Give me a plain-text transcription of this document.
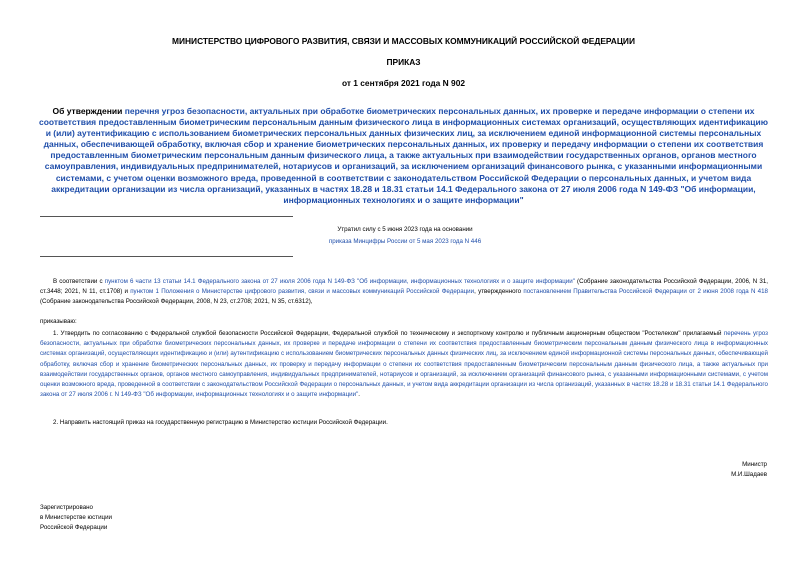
МИНИСТЕРСТВО ЦИФРОВОГО РАЗВИТИЯ, СВЯЗИ И МАССОВЫХ КОММУНИКАЦИЙ РОССИЙСКОЙ ФЕДЕРАЦИИ
ПРИКАЗ
от 1 сентября 2021 года N 902
Об утверждении перечня угроз безопасности, актуальных при обработке биометрических персональных данных, их проверке и передаче информации о степени их соответствия предоставленным биометрическим персональным данным физического лица в информационных системах организаций, осуществляющих идентификацию и (или) аутентификацию с использованием биометрических персональных данных физических лиц, за исключением единой информационной системы персональных данных, обеспечивающей обработку, включая сбор и хранение биометрических персональных данных, их проверку и передачу информации о степени их соответствия предоставленным биометрическим персональным данным физического лица, а также актуальных при взаимодействии государственных органов, органов местного самоуправления, индивидуальных предпринимателей, нотариусов и организаций, за исключением организаций финансового рынка, с указанными информационными системами, с учетом оценки возможного вреда, проведенной в соответствии с законодательством Российской Федерации о персональных данных, и учетом вида аккредитации организации из числа организаций, указанных в частях 18.28 и 18.31 статьи 14.1 Федерального закона от 27 июля 2006 года N 149-ФЗ "Об информации, информационных технологиях и о защите информации"
Утратил силу с 5 июня 2023 года на основании
приказа Минцифры России от 5 мая 2023 года N 446
В соответствии с пунктом 6 части 13 статьи 14.1 Федерального закона от 27 июля 2006 года N 149-ФЗ "Об информации, информационных технологиях и о защите информации" (Собрание законодательства Российской Федерации, 2006, N 31, ст.3448; 2021, N 11, ст.1708) и пунктом 1 Положения о Министерстве цифрового развития, связи и массовых коммуникаций Российской Федерации, утвержденного постановлением Правительства Российской Федерации от 2 июня 2008 года N 418 (Собрание законодательства Российской Федерации, 2008, N 23, ст.2708; 2021, N 35, ст.6312),
приказываю:
1. Утвердить по согласованию с Федеральной службой безопасности Российской Федерации, Федеральной службой по техническому и экспортному контролю и публичным акционерным обществом "Ростелеком" прилагаемый перечень угроз безопасности, актуальных при обработке биометрических персональных данных, их проверке и передаче информации о степени их соответствия предоставленным биометрическим персональным данным физического лица в информационных системах организаций, осуществляющих идентификацию и (или) аутентификацию с использованием биометрических персональных данных физических лиц, за исключением единой информационной системы персональных данных, обеспечивающей обработку, включая сбор и хранение биометрических персональных данных, их проверку и передачу информации о степени их соответствия предоставленным биометрическим персональным данным физического лица, а также актуальных при взаимодействии государственных органов, органов местного самоуправления, индивидуальных предпринимателей, нотариусов и организаций, за исключением организаций финансового рынка, с указанными информационными системами, с учетом оценки возможного вреда, проведенной в соответствии с законодательством Российской Федерации о персональных данных, и учетом вида аккредитации организации из числа организаций, указанных в частях 18.28 и 18.31 статьи 14.1 Федерального закона от 27 июля 2006 г. N 149-ФЗ "Об информации, информационных технологиях и о защите информации".
2. Направить настоящий приказ на государственную регистрацию в Министерство юстиции Российской Федерации.
Министр
М.И.Шадаев
Зарегистрировано
в Министерстве юстиции
Российской Федерации
